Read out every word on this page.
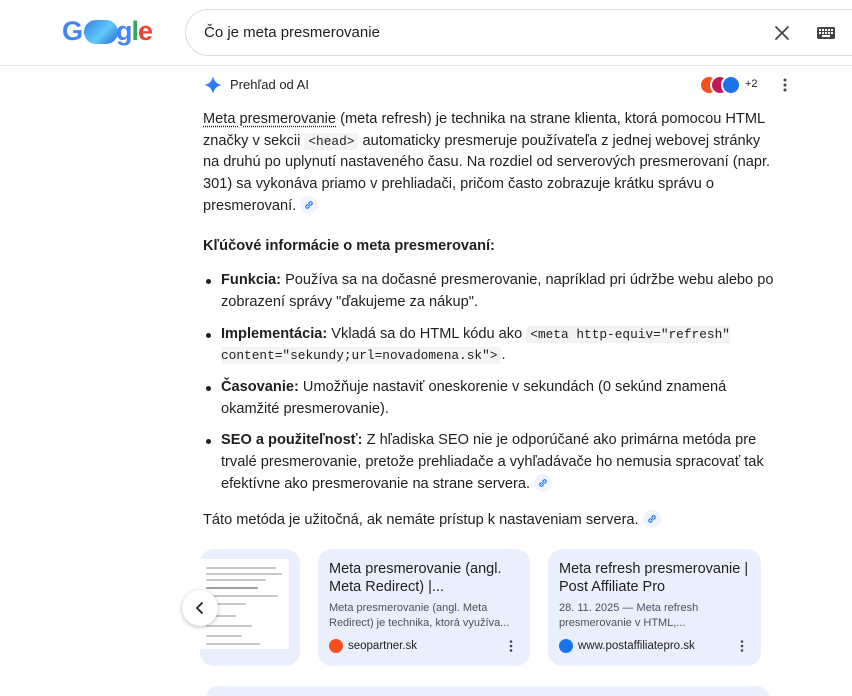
G gle
Čo je meta presmerovanie
Prehľad od AI	+2

Meta presmerovanie (meta refresh) je technika na strane klienta, ktorá pomocou HTML značky v sekcii <head> automaticky presmeruje používateľa z jednej webovej stránky na druhú po uplynutí nastaveného času. Na rozdiel od serverových presmerovaní (napr. 301) sa vykonáva priamo v prehliadači, pričom často zobrazuje krátku správu o presmerovaní.

Kľúčové informácie o meta presmerovaní:

Funkcia: Používa sa na dočasné presmerovanie, napríklad pri údržbe webu alebo po zobrazení správy "ďakujeme za nákup".
Implementácia: Vkladá sa do HTML kódu ako <meta http-equiv="refresh" content="sekundy;url=novadomena.sk"> .
Časovanie: Umožňuje nastaviť oneskorenie v sekundách (0 sekúnd znamená okamžité presmerovanie).
SEO a použiteľnosť: Z hľadiska SEO nie je odporúčané ako primárna metóda pre trvalé presmerovanie, pretože prehliadače a vyhľadávače ho nemusia spracovať tak efektívne ako presmerovanie na strane servera.

Táto metóda je užitočná, ak nemáte prístup k nastaveniam servera.

Meta presmerovanie (angl. Meta Redirect) |...
Meta presmerovanie (angl. Meta Redirect) je technika, ktorá využíva...
seopartner.sk
Meta refresh presmerovanie | Post Affiliate Pro
28. 11. 2025 — Meta refresh presmerovanie v HTML,...
www.postaffiliatepro.sk
